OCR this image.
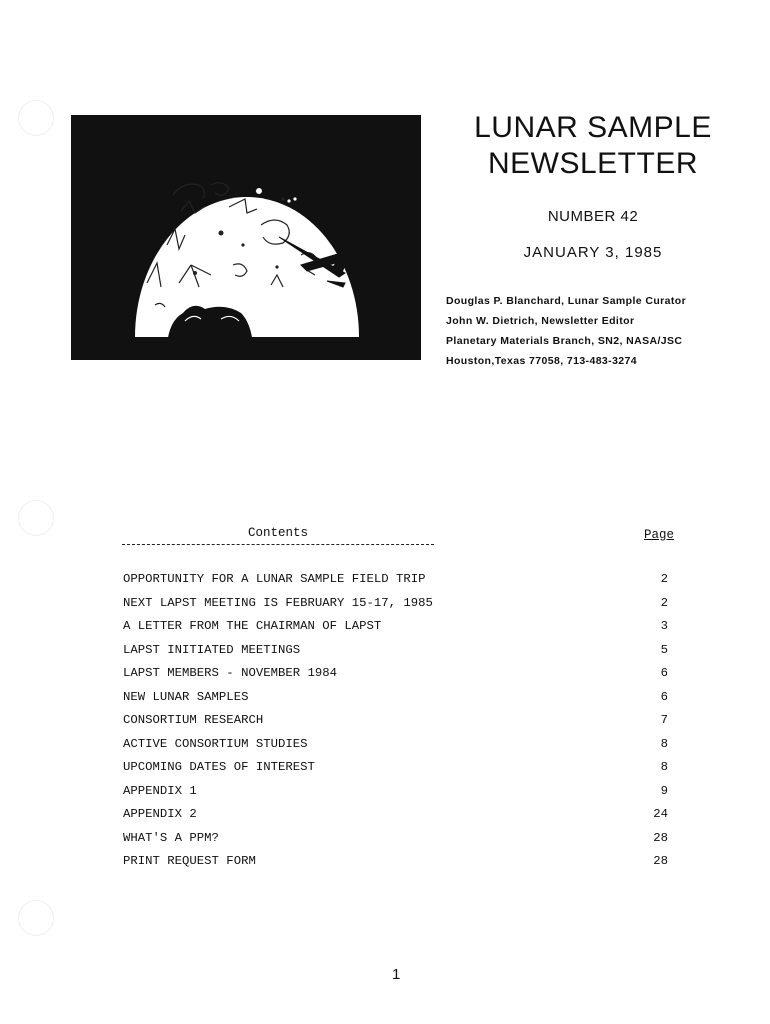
LUNAR SAMPLE
NEWSLETTER
NUMBER 42
JANUARY 3, 1985
Douglas P. Blanchard, Lunar Sample Curator
John W. Dietrich, Newsletter Editor
Planetary Materials Branch, SN2, NASA/JSC
Houston,Texas 77058, 713-483-3274
Contents	Page
OPPORTUNITY FOR A LUNAR SAMPLE FIELD TRIP	2
NEXT LAPST MEETING IS FEBRUARY 15-17, 1985	2
A LETTER FROM THE CHAIRMAN OF LAPST	3
LAPST INITIATED MEETINGS	5
LAPST MEMBERS - NOVEMBER 1984	6
NEW LUNAR SAMPLES	6
CONSORTIUM RESEARCH	7
ACTIVE CONSORTIUM STUDIES	8
UPCOMING DATES OF INTEREST	8
APPENDIX 1	9
APPENDIX 2	24
WHAT'S A PPM?	28
PRINT REQUEST FORM	28
1
